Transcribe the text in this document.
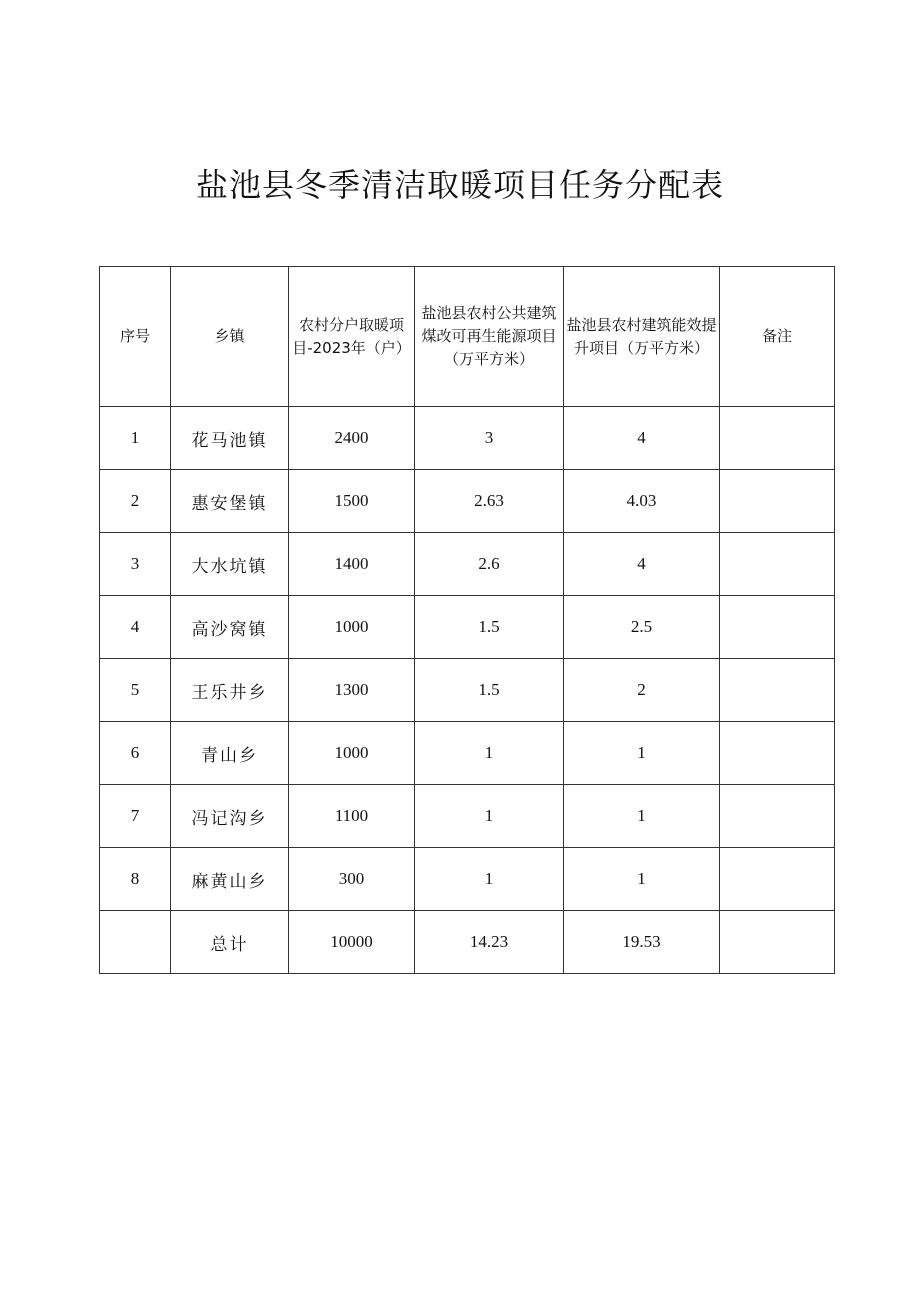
盐池县冬季清洁取暖项目任务分配表
序号	乡镇	农村分户取暖项目-2023年（户）	盐池县农村公共建筑煤改可再生能源项目（万平方米）	盐池县农村建筑能效提升项目（万平方米）	备注
1	花马池镇	2400	3	4	
2	惠安堡镇	1500	2.63	4.03	
3	大水坑镇	1400	2.6	4	
4	高沙窝镇	1000	1.5	2.5	
5	王乐井乡	1300	1.5	2	
6	青山乡	1000	1	1	
7	冯记沟乡	1100	1	1	
8	麻黄山乡	300	1	1	
	总计	10000	14.23	19.53	
